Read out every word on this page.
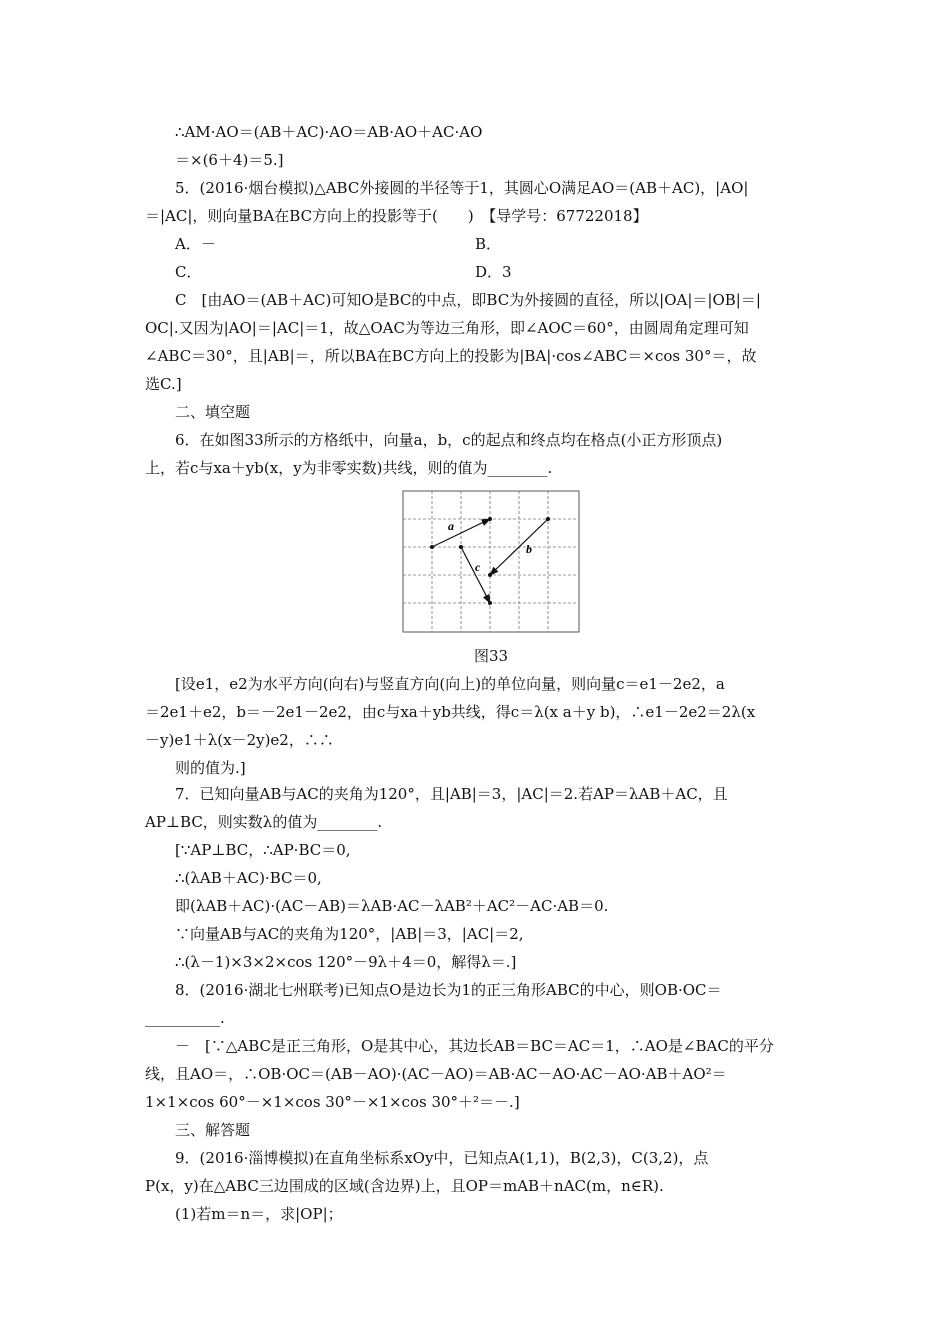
∴AM·AO＝(AB＋AC)·AO＝AB·AO＋AC·AO
＝×(6＋4)＝5.]
5．(2016·烟台模拟)△ABC外接圆的半径等于1，其圆心O满足AO＝(AB＋AC)，|AO|
＝|AC|，则向量BA在BC方向上的投影等于(　　)　【导学号：67722018】
A．－	B．
C．	D．3
C　[由AO＝(AB＋AC)可知O是BC的中点，即BC为外接圆的直径，所以|OA|＝|OB|＝|
OC|.又因为|AO|＝|AC|＝1，故△OAC为等边三角形，即∠AOC＝60°，由圆周角定理可知
∠ABC＝30°，且|AB|＝，所以BA在BC方向上的投影为|BA|·cos∠ABC＝×cos 30°＝，故
选C.]
二、填空题
6．在如图33所示的方格纸中，向量a，b，c的起点和终点均在格点(小正方形顶点)
上，若c与xa＋yb(x，y为非零实数)共线，则的值为________.
a
b
c
图33
[设e1，e2为水平方向(向右)与竖直方向(向上)的单位向量，则向量c＝e1－2e2，a
＝2e1＋e2，b＝－2e1－2e2，由c与xa＋yb共线，得c＝λ(x a＋y b)，∴e1－2e2＝2λ(x
－y)e1＋λ(x－2y)e2，∴∴
则的值为.]
7．已知向量AB与AC的夹角为120°，且|AB|＝3，|AC|＝2.若AP＝λAB＋AC，且
AP⊥BC，则实数λ的值为________.
[∵AP⊥BC，∴AP·BC＝0,
∴(λAB＋AC)·BC＝0,
即(λAB＋AC)·(AC－AB)＝λAB·AC－λAB²＋AC²－AC·AB＝0.
∵向量AB与AC的夹角为120°，|AB|＝3，|AC|＝2,
∴(λ－1)×3×2×cos 120°－9λ＋4＝0，解得λ＝.]
8．(2016·湖北七州联考)已知点O是边长为1的正三角形ABC的中心，则OB·OC＝
__________.
－　[∵△ABC是正三角形，O是其中心，其边长AB＝BC＝AC＝1，∴AO是∠BAC的平分
线，且AO＝，∴OB·OC＝(AB－AO)·(AC－AO)＝AB·AC－AO·AC－AO·AB＋AO²＝
1×1×cos 60°－×1×cos 30°－×1×cos 30°＋²＝－.]
三、解答题
9．(2016·淄博模拟)在直角坐标系xOy中，已知点A(1,1)，B(2,3)，C(3,2)，点
P(x，y)在△ABC三边围成的区域(含边界)上，且OP＝mAB＋nAC(m，n∈R).
(1)若m＝n＝，求|OP|；
